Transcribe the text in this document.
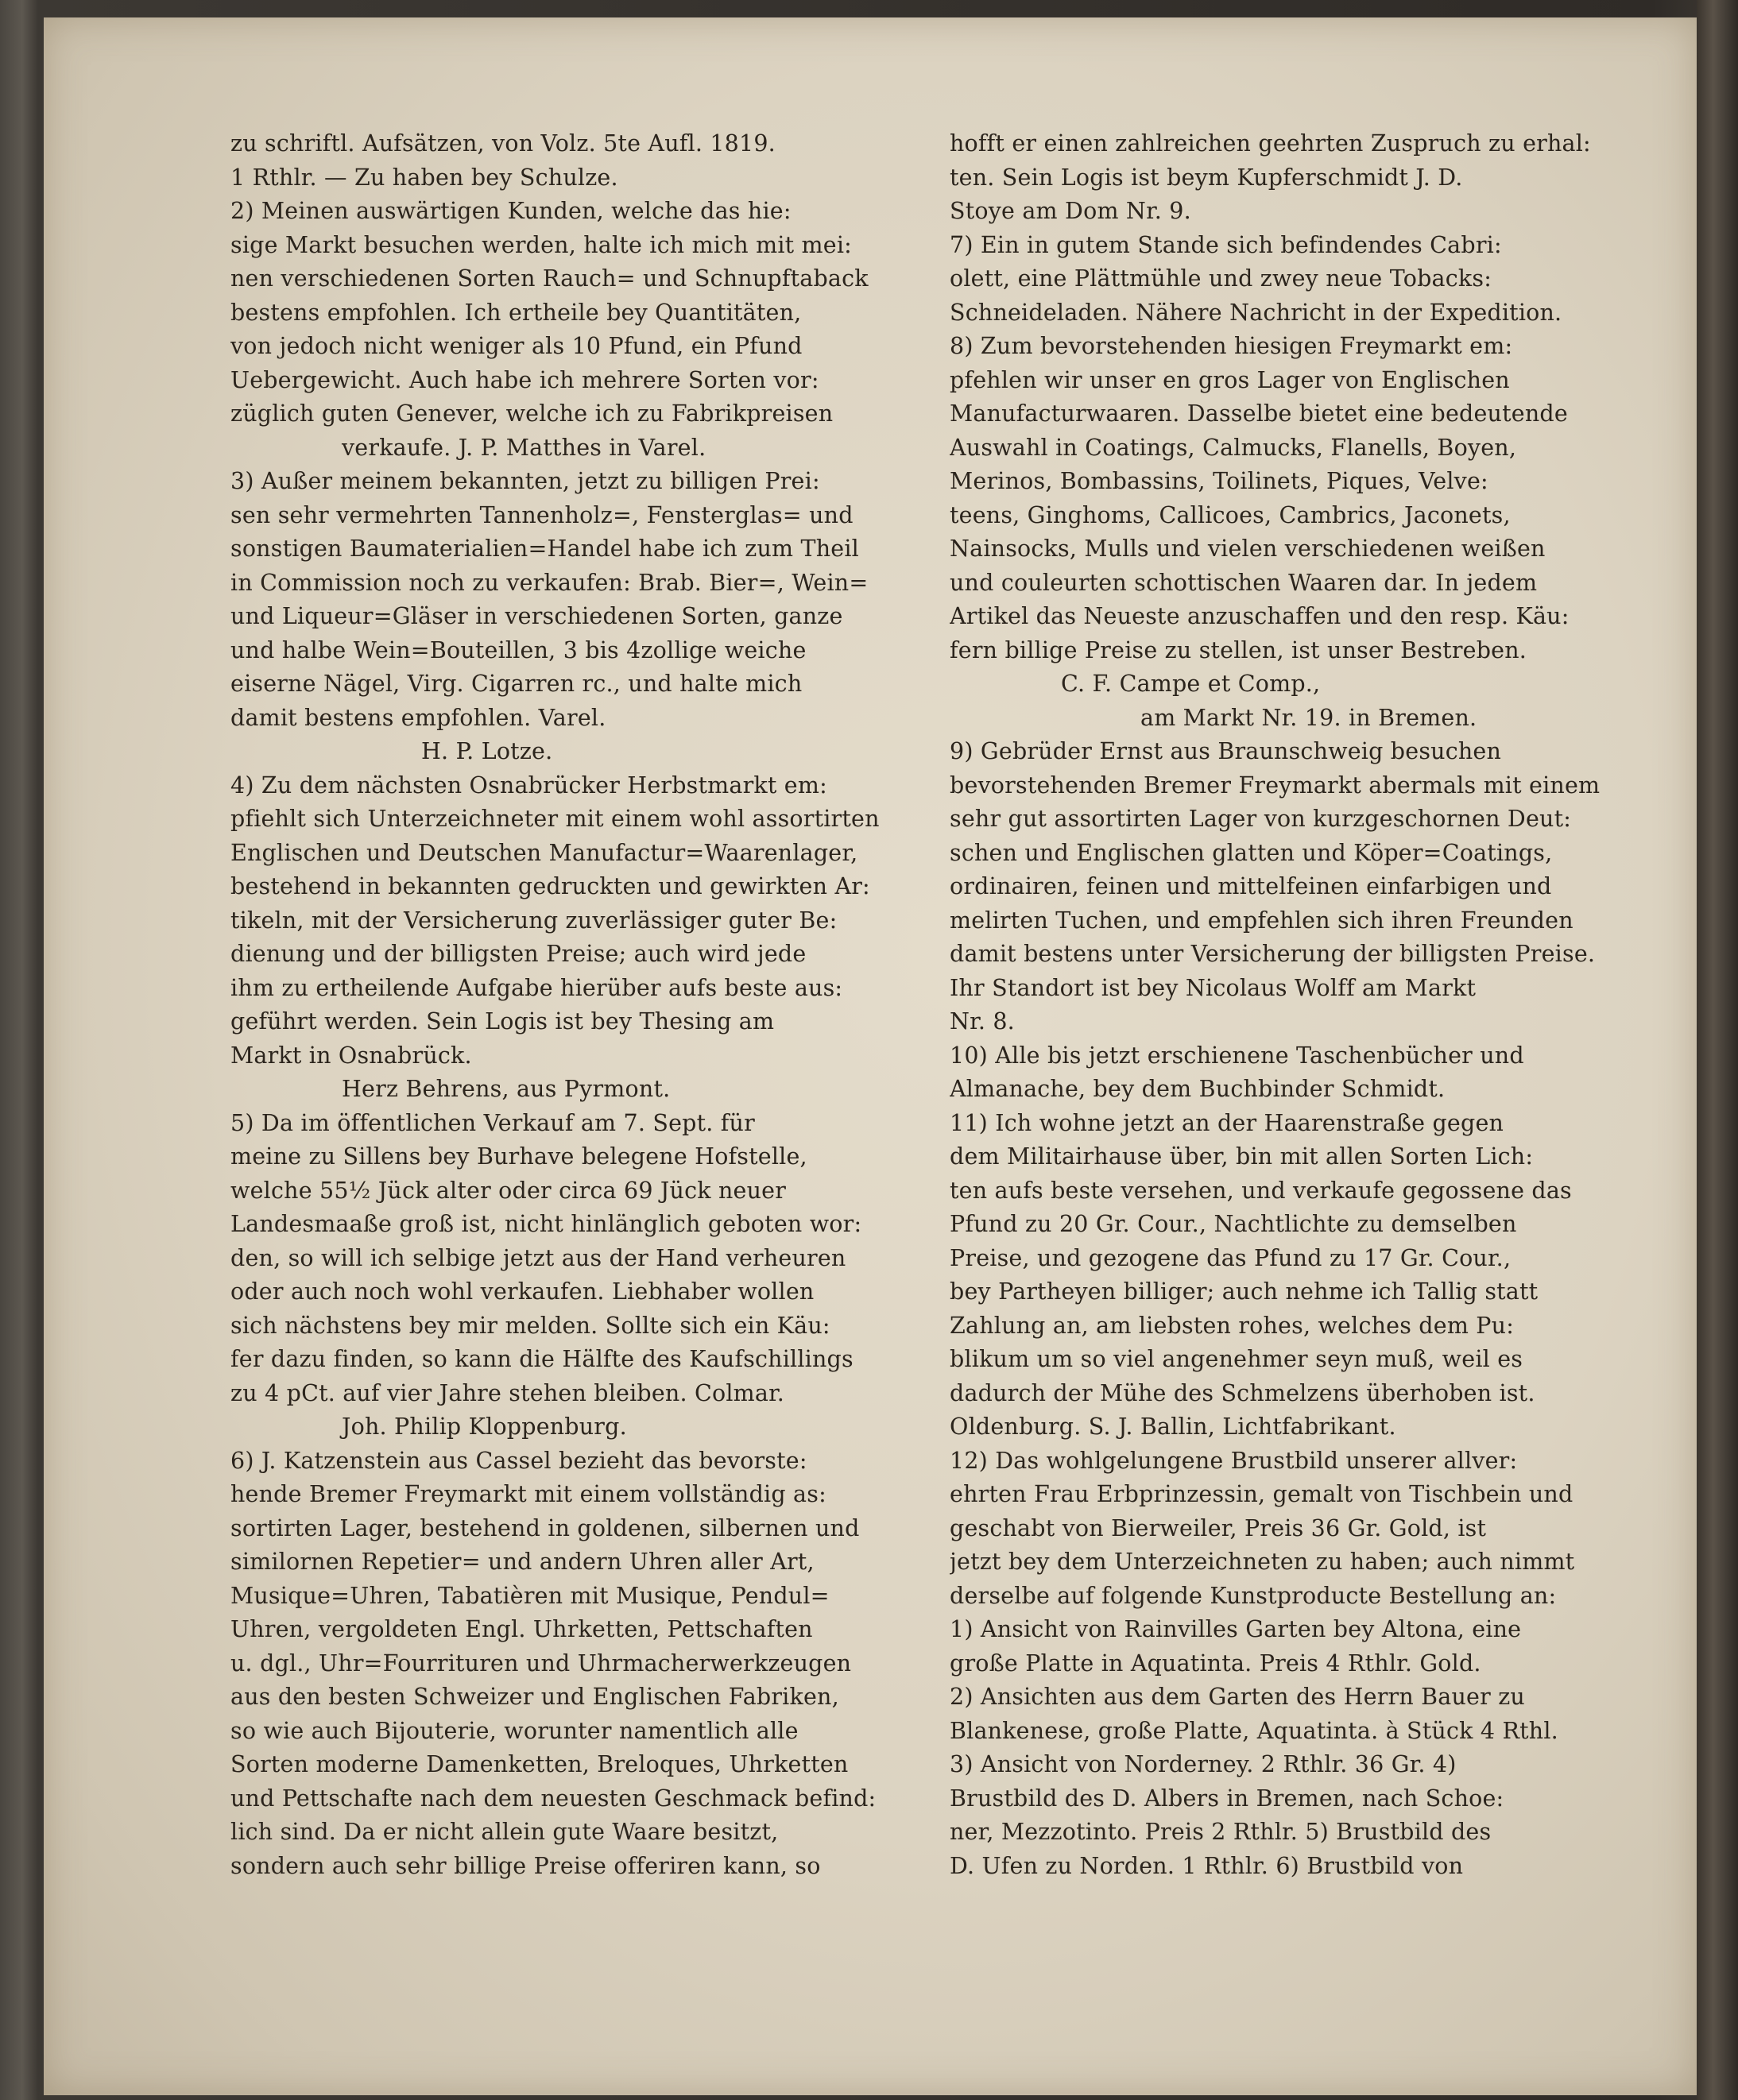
zu schriftl. Aufsätzen, von Volz. 5te Aufl. 1819.
1 Rthlr. — Zu haben bey Schulze.
2) Meinen auswärtigen Kunden, welche das hie:
sige Markt besuchen werden, halte ich mich mit mei:
nen verschiedenen Sorten Rauch= und Schnupftaback
bestens empfohlen. Ich ertheile bey Quantitäten,
von jedoch nicht weniger als 10 Pfund, ein Pfund
Uebergewicht. Auch habe ich mehrere Sorten vor:
züglich guten Genever, welche ich zu Fabrikpreisen
verkaufe. J. P. Matthes in Varel.
3) Außer meinem bekannten, jetzt zu billigen Prei:
sen sehr vermehrten Tannenholz=, Fensterglas= und
sonstigen Baumaterialien=Handel habe ich zum Theil
in Commission noch zu verkaufen: Brab. Bier=, Wein=
und Liqueur=Gläser in verschiedenen Sorten, ganze
und halbe Wein=Bouteillen, 3 bis 4zollige weiche
eiserne Nägel, Virg. Cigarren rc., und halte mich
damit bestens empfohlen. Varel.
H. P. Lotze.
4) Zu dem nächsten Osnabrücker Herbstmarkt em:
pfiehlt sich Unterzeichneter mit einem wohl assortirten
Englischen und Deutschen Manufactur=Waarenlager,
bestehend in bekannten gedruckten und gewirkten Ar:
tikeln, mit der Versicherung zuverlässiger guter Be:
dienung und der billigsten Preise; auch wird jede
ihm zu ertheilende Aufgabe hierüber aufs beste aus:
geführt werden. Sein Logis ist bey Thesing am
Markt in Osnabrück.
Herz Behrens, aus Pyrmont.
5) Da im öffentlichen Verkauf am 7. Sept. für
meine zu Sillens bey Burhave belegene Hofstelle,
welche 55½ Jück alter oder circa 69 Jück neuer
Landesmaaße groß ist, nicht hinlänglich geboten wor:
den, so will ich selbige jetzt aus der Hand verheuren
oder auch noch wohl verkaufen. Liebhaber wollen
sich nächstens bey mir melden. Sollte sich ein Käu:
fer dazu finden, so kann die Hälfte des Kaufschillings
zu 4 pCt. auf vier Jahre stehen bleiben. Colmar.
Joh. Philip Kloppenburg.
6) J. Katzenstein aus Cassel bezieht das bevorste:
hende Bremer Freymarkt mit einem vollständig as:
sortirten Lager, bestehend in goldenen, silbernen und
similornen Repetier= und andern Uhren aller Art,
Musique=Uhren, Tabatièren mit Musique, Pendul=
Uhren, vergoldeten Engl. Uhrketten, Pettschaften
u. dgl., Uhr=Fourrituren und Uhrmacherwerkzeugen
aus den besten Schweizer und Englischen Fabriken,
so wie auch Bijouterie, worunter namentlich alle
Sorten moderne Damenketten, Breloques, Uhrketten
und Pettschafte nach dem neuesten Geschmack befind:
lich sind. Da er nicht allein gute Waare besitzt,
sondern auch sehr billige Preise offeriren kann, so
hofft er einen zahlreichen geehrten Zuspruch zu erhal:
ten. Sein Logis ist beym Kupferschmidt J. D.
Stoye am Dom Nr. 9.
7) Ein in gutem Stande sich befindendes Cabri:
olett, eine Plättmühle und zwey neue Tobacks:
Schneideladen. Nähere Nachricht in der Expedition.
8) Zum bevorstehenden hiesigen Freymarkt em:
pfehlen wir unser en gros Lager von Englischen
Manufacturwaaren. Dasselbe bietet eine bedeutende
Auswahl in Coatings, Calmucks, Flanells, Boyen,
Merinos, Bombassins, Toilinets, Piques, Velve:
teens, Ginghoms, Callicoes, Cambrics, Jaconets,
Nainsocks, Mulls und vielen verschiedenen weißen
und couleurten schottischen Waaren dar. In jedem
Artikel das Neueste anzuschaffen und den resp. Käu:
fern billige Preise zu stellen, ist unser Bestreben.
C. F. Campe et Comp.,
am Markt Nr. 19. in Bremen.
9) Gebrüder Ernst aus Braunschweig besuchen
bevorstehenden Bremer Freymarkt abermals mit einem
sehr gut assortirten Lager von kurzgeschornen Deut:
schen und Englischen glatten und Köper=Coatings,
ordinairen, feinen und mittelfeinen einfarbigen und
melirten Tuchen, und empfehlen sich ihren Freunden
damit bestens unter Versicherung der billigsten Preise.
Ihr Standort ist bey Nicolaus Wolff am Markt
Nr. 8.
10) Alle bis jetzt erschienene Taschenbücher und
Almanache, bey dem Buchbinder Schmidt.
11) Ich wohne jetzt an der Haarenstraße gegen
dem Militairhause über, bin mit allen Sorten Lich:
ten aufs beste versehen, und verkaufe gegossene das
Pfund zu 20 Gr. Cour., Nachtlichte zu demselben
Preise, und gezogene das Pfund zu 17 Gr. Cour.,
bey Partheyen billiger; auch nehme ich Tallig statt
Zahlung an, am liebsten rohes, welches dem Pu:
blikum um so viel angenehmer seyn muß, weil es
dadurch der Mühe des Schmelzens überhoben ist.
Oldenburg. S. J. Ballin, Lichtfabrikant.
12) Das wohlgelungene Brustbild unserer allver:
ehrten Frau Erbprinzessin, gemalt von Tischbein und
geschabt von Bierweiler, Preis 36 Gr. Gold, ist
jetzt bey dem Unterzeichneten zu haben; auch nimmt
derselbe auf folgende Kunstproducte Bestellung an:
1) Ansicht von Rainvilles Garten bey Altona, eine
große Platte in Aquatinta. Preis 4 Rthlr. Gold.
2) Ansichten aus dem Garten des Herrn Bauer zu
Blankenese, große Platte, Aquatinta. à Stück 4 Rthl.
3) Ansicht von Norderney. 2 Rthlr. 36 Gr. 4)
Brustbild des D. Albers in Bremen, nach Schoe:
ner, Mezzotinto. Preis 2 Rthlr. 5) Brustbild des
D. Ufen zu Norden. 1 Rthlr. 6) Brustbild von
